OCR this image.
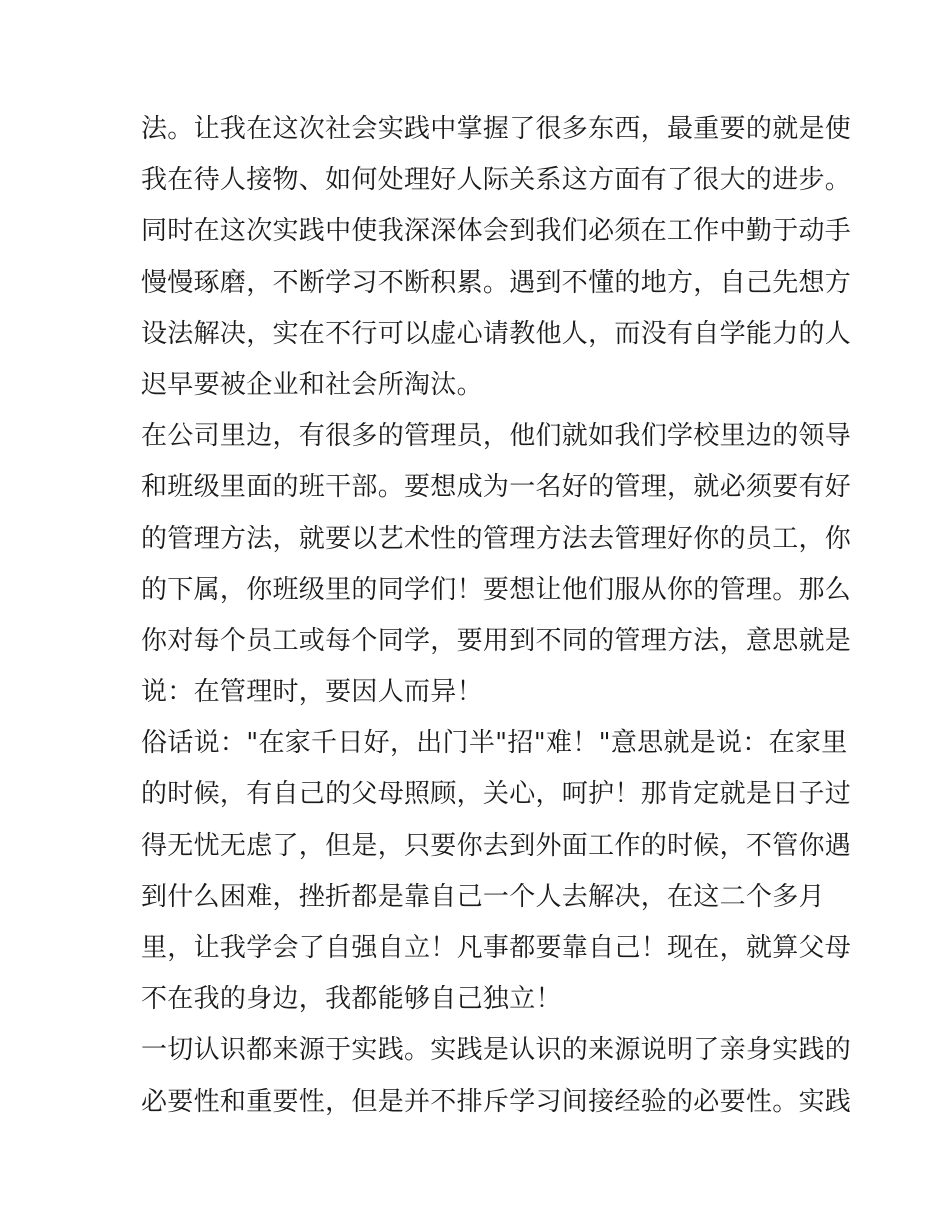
法。让我在这次社会实践中掌握了很多东西，最重要的就是使
我在待人接物、如何处理好人际关系这方面有了很大的进步。
同时在这次实践中使我深深体会到我们必须在工作中勤于动手
慢慢琢磨，不断学习不断积累。遇到不懂的地方，自己先想方
设法解决，实在不行可以虚心请教他人，而没有自学能力的人
迟早要被企业和社会所淘汰。
在公司里边，有很多的管理员，他们就如我们学校里边的领导
和班级里面的班干部。要想成为一名好的管理，就必须要有好
的管理方法，就要以艺术性的管理方法去管理好你的员工，你
的下属，你班级里的同学们！要想让他们服从你的管理。那么
你对每个员工或每个同学，要用到不同的管理方法，意思就是
说：在管理时，要因人而异！
俗话说："在家千日好，出门半"招"难！"意思就是说：在家里
的时候，有自己的父母照顾，关心，呵护！那肯定就是日子过
得无忧无虑了，但是，只要你去到外面工作的时候，不管你遇
到什么困难，挫折都是靠自己一个人去解决，在这二个多月
里，让我学会了自强自立！凡事都要靠自己！现在，就算父母
不在我的身边，我都能够自己独立！
一切认识都来源于实践。实践是认识的来源说明了亲身实践的
必要性和重要性，但是并不排斥学习间接经验的必要性。实践
